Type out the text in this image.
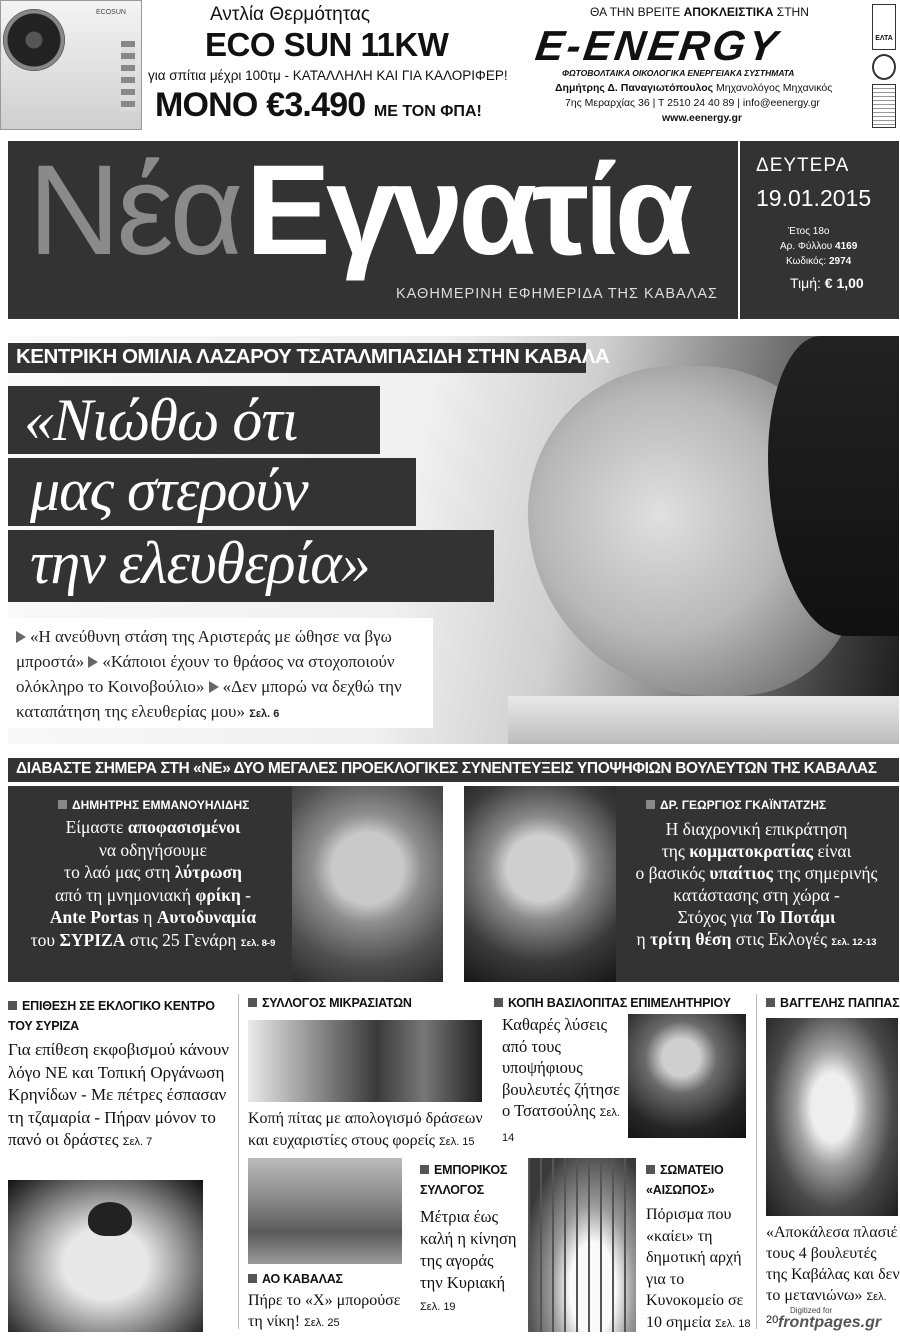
ECOSUN	Αντλία Θερμότητας
ECO SUN 11KW
για σπίτια μέχρι 100τμ - ΚΑΤΑΛΛΗΛΗ ΚΑΙ ΓΙΑ ΚΑΛΟΡΙΦΕΡ!
ΜΟΝΟ €3.490 ΜΕ ΤΟΝ ΦΠΑ!
ΘΑ ΤΗΝ ΒΡΕΙΤΕ ΑΠΟΚΛΕΙΣΤΙΚΑ ΣΤΗΝ
E-ENERGY
ΦΩΤΟΒΟΛΤΑΙΚΑ ΟΙΚΟΛΟΓΙΚΑ ΕΝΕΡΓΕΙΑΚΑ ΣΥΣΤΗΜΑΤΑ
Δημήτρης Δ. Παναγιωτόπουλος Μηχανολόγος Μηχανικός
7ης Μεραρχίας 36 | Τ 2510 24 40 89 | info@eenergy.gr
www.eenergy.gr
ΕΛΤΑ
ΝέαΕγνατία
ΚΑΘΗΜΕΡΙΝΗ ΕΦΗΜΕΡΙΔΑ ΤΗΣ ΚΑΒΑΛΑΣ
ΔΕΥΤΕΡΑ
19.01.2015
Έτος 18ο
Αρ. Φύλλου 4169
Κωδικός: 2974
Τιμή: € 1,00
ΚΕΝΤΡΙΚΗ ΟΜΙΛΙΑ ΛΑΖΑΡΟΥ ΤΣΑΤΑΛΜΠΑΣΙΔΗ ΣΤΗΝ ΚΑΒΑΛΑ
«Νιώθω ότι
μας στερούν
την ελευθερία»

«Η ανεύθυνη στάση της Αριστεράς με ώθησε να βγω μπροστά» «Κάποιοι έχουν το θράσος να στοχοποιούν ολόκληρο το Κοινοβούλιο» «Δεν μπορώ να δεχθώ την καταπάτηση της ελευθερίας μου» Σελ. 6

ΔΙΑΒΑΣΤΕ ΣΗΜΕΡΑ ΣΤΗ «ΝΕ» ΔΥΟ ΜΕΓΑΛΕΣ ΠΡΟΕΚΛΟΓΙΚΕΣ ΣΥΝΕΝΤΕΥΞΕΙΣ ΥΠΟΨΗΦΙΩΝ ΒΟΥΛΕΥΤΩΝ ΤΗΣ ΚΑΒΑΛΑΣ
ΔΗΜΗΤΡΗΣ ΕΜΜΑΝΟΥΗΛΙΔΗΣ
Είμαστε αποφασισμένοι
να οδηγήσουμε
το λαό μας στη λύτρωση
από τη μνημονιακή φρίκη -
Ante Portas η Αυτοδυναμία
του ΣΥΡΙΖΑ στις 25 Γενάρη Σελ. 8-9
ΔΡ. ΓΕΩΡΓΙΟΣ ΓΚΑΪΝΤΑΤΖΗΣ
Η διαχρονική επικράτηση
της κομματοκρατίας είναι
ο βασικός υπαίτιος της σημερινής
κατάστασης στη χώρα -
Στόχος για Το Ποτάμι
η τρίτη θέση στις Εκλογές Σελ. 12-13
ΕΠΙΘΕΣΗ ΣΕ ΕΚΛΟΓΙΚΟ ΚΕΝΤΡΟ ΤΟΥ ΣΥΡΙΖΑ

Για επίθεση εκφοβισμού κάνουν λόγο ΝΕ και Τοπική Οργάνωση Κρηνίδων - Με πέτρες έσπασαν τη τζαμαρία - Πήραν μόνον το πανό οι δράστες Σελ. 7

ΣΥΛΛΟΓΟΣ ΜΙΚΡΑΣΙΑΤΩΝ

Κοπή πίτας με απολογισμό δράσεων και ευχαριστίες στους φορείς Σελ. 15

ΚΟΠΗ ΒΑΣΙΛΟΠΙΤΑΣ ΕΠΙΜΕΛΗΤΗΡΙΟΥ

Καθαρές λύσεις από τους υποψήφιους βουλευτές ζήτησε ο Τσατσούλης Σελ. 14

ΒΑΓΓΕΛΗΣ ΠΑΠΠΑΣ

«Αποκάλεσα πλασιέ τους 4 βουλευτές της Καβάλας και δεν το μετανιώνω» Σελ. 20

ΑΟ ΚΑΒΑΛΑΣ

Πήρε το «Χ» μπορούσε τη νίκη! Σελ. 25

ΕΜΠΟΡΙΚΟΣ ΣΥΛΛΟΓΟΣ

Μέτρια έως καλή η κίνηση της αγοράς την Κυριακή Σελ. 19

ΣΩΜΑΤΕΙΟ «ΑΙΣΩΠΟΣ»

Πόρισμα που «καίει» τη δημοτική αρχή για το Κυνοκομείο σε 10 σημεία Σελ. 18

Digitized for
frontpages.gr
